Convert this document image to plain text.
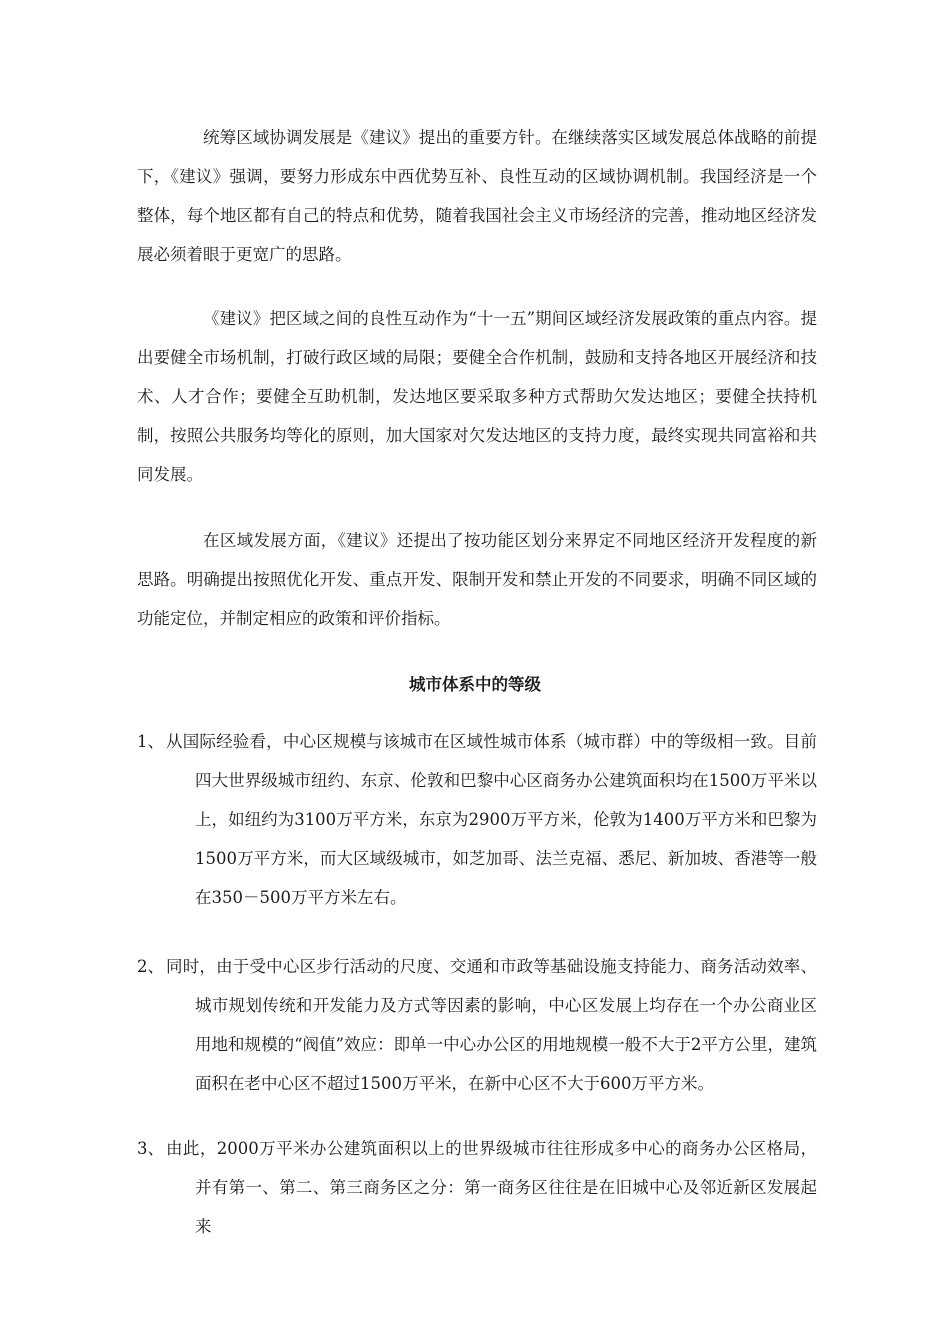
统筹区域协调发展是《建议》提出的重要方针。在继续落实区域发展总体战略的前提下，《建议》强调，要努力形成东中西优势互补、良性互动的区域协调机制。我国经济是一个整体，每个地区都有自己的特点和优势，随着我国社会主义市场经济的完善，推动地区经济发展必须着眼于更宽广的思路。

《建议》把区域之间的良性互动作为“十一五”期间区域经济发展政策的重点内容。提出要健全市场机制，打破行政区域的局限；要健全合作机制，鼓励和支持各地区开展经济和技术、人才合作；要健全互助机制，发达地区要采取多种方式帮助欠发达地区；要健全扶持机制，按照公共服务均等化的原则，加大国家对欠发达地区的支持力度，最终实现共同富裕和共同发展。

在区域发展方面，《建议》还提出了按功能区划分来界定不同地区经济开发程度的新思路。明确提出按照优化开发、重点开发、限制开发和禁止开发的不同要求，明确不同区域的功能定位，并制定相应的政策和评价指标。

城市体系中的等级
1、 从国际经验看，中心区规模与该城市在区域性城市体系（城市群）中的等级相一致。目前四大世界级城市纽约、东京、伦敦和巴黎中心区商务办公建筑面积均在1500万平米以上，如纽约为3100万平方米，东京为2900万平方米，伦敦为1400万平方米和巴黎为1500万平方米，而大区域级城市，如芝加哥、法兰克福、悉尼、新加坡、香港等一般在350－500万平方米左右。
2、 同时，由于受中心区步行活动的尺度、交通和市政等基础设施支持能力、商务活动效率、城市规划传统和开发能力及方式等因素的影响，中心区发展上均存在一个办公商业区用地和规模的“阀值”效应：即单一中心办公区的用地规模一般不大于2平方公里，建筑面积在老中心区不超过1500万平米，在新中心区不大于600万平方米。
3、 由此，2000万平米办公建筑面积以上的世界级城市往往形成多中心的商务办公区格局，并有第一、第二、第三商务区之分：第一商务区往往是在旧城中心及邻近新区发展起来
